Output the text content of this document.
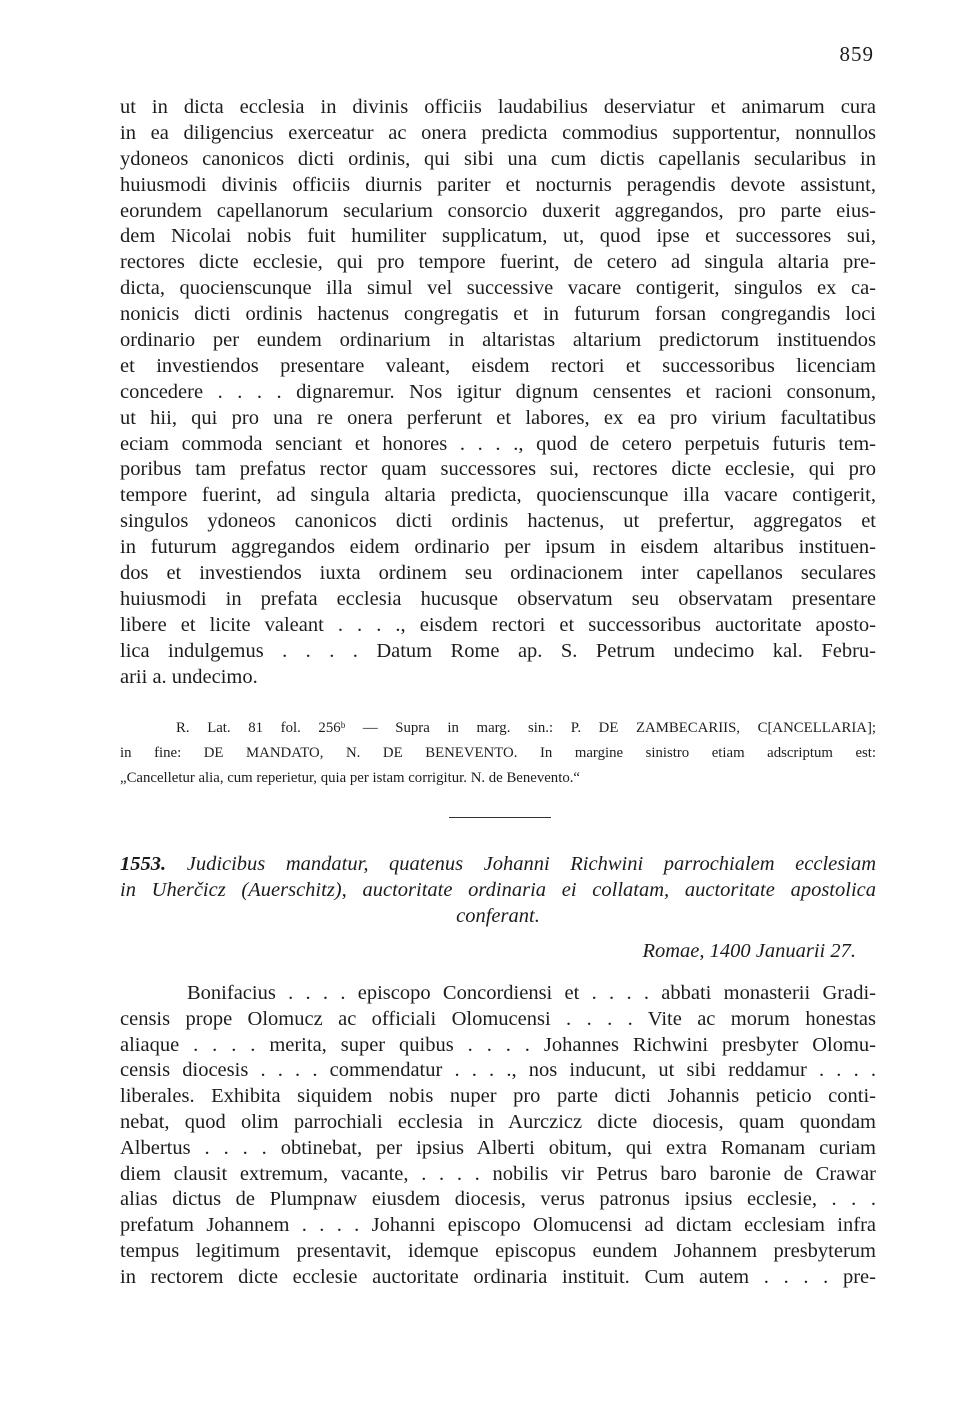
859
ut in dicta ecclesia in divinis officiis laudabilius deserviatur et animarum cura
in ea diligencius exerceatur ac onera predicta commodius supportentur, nonnullos
ydoneos canonicos dicti ordinis, qui sibi una cum dictis capellanis secularibus in
huiusmodi divinis officiis diurnis pariter et nocturnis peragendis devote assistunt,
eorundem capellanorum secularium consorcio duxerit aggregandos, pro parte eius-
dem Nicolai nobis fuit humiliter supplicatum, ut, quod ipse et successores sui,
rectores dicte ecclesie, qui pro tempore fuerint, de cetero ad singula altaria pre-
dicta, quocienscunque illa simul vel successive vacare contigerit, singulos ex ca-
nonicis dicti ordinis hactenus congregatis et in futurum forsan congregandis loci
ordinario per eundem ordinarium in altaristas altarium predictorum instituendos
et investiendos presentare valeant, eisdem rectori et successoribus licenciam
concedere . . . . dignaremur. Nos igitur dignum censentes et racioni consonum,
ut hii, qui pro una re onera perferunt et labores, ex ea pro virium facultatibus
eciam commoda senciant et honores . . . ., quod de cetero perpetuis futuris tem-
poribus tam prefatus rector quam successores sui, rectores dicte ecclesie, qui pro
tempore fuerint, ad singula altaria predicta, quocienscunque illa vacare contigerit,
singulos ydoneos canonicos dicti ordinis hactenus, ut prefertur, aggregatos et
in futurum aggregandos eidem ordinario per ipsum in eisdem altaribus instituen-
dos et investiendos iuxta ordinem seu ordinacionem inter capellanos seculares
huiusmodi in prefata ecclesia hucusque observatum seu observatam presentare
libere et licite valeant . . . ., eisdem rectori et successoribus auctoritate aposto-
lica indulgemus . . . . Datum Rome ap. S. Petrum undecimo kal. Febru-
arii a. undecimo.
R. Lat. 81 fol. 256ᵇ — Supra in marg. sin.: P. DE ZAMBECARIIS, C[ANCELLARIA];
in fine: DE MANDATO, N. DE BENEVENTO. In margine sinistro etiam adscriptum est:
„Cancelletur alia, cum reperietur, quia per istam corrigitur. N. de Benevento.“
1553. Judicibus mandatur, quatenus Johanni Richwini parrochialem ecclesiam
in Uherčicz (Auerschitz), auctoritate ordinaria ei collatam, auctoritate apostolica
conferant.
Romae, 1400 Januarii 27.
Bonifacius . . . . episcopo Concordiensi et . . . . abbati monasterii Gradi-
censis prope Olomucz ac officiali Olomucensi . . . . Vite ac morum honestas
aliaque . . . . merita, super quibus . . . . Johannes Richwini presbyter Olomu-
censis diocesis . . . . commendatur . . . ., nos inducunt, ut sibi reddamur . . . .
liberales. Exhibita siquidem nobis nuper pro parte dicti Johannis peticio conti-
nebat, quod olim parrochiali ecclesia in Aurczicz dicte diocesis, quam quondam
Albertus . . . . obtinebat, per ipsius Alberti obitum, qui extra Romanam curiam
diem clausit extremum, vacante, . . . . nobilis vir Petrus baro baronie de Crawar
alias dictus de Plumpnaw eiusdem diocesis, verus patronus ipsius ecclesie, . . .
prefatum Johannem . . . . Johanni episcopo Olomucensi ad dictam ecclesiam infra
tempus legitimum presentavit, idemque episcopus eundem Johannem presbyterum
in rectorem dicte ecclesie auctoritate ordinaria instituit. Cum autem . . . . pre-
